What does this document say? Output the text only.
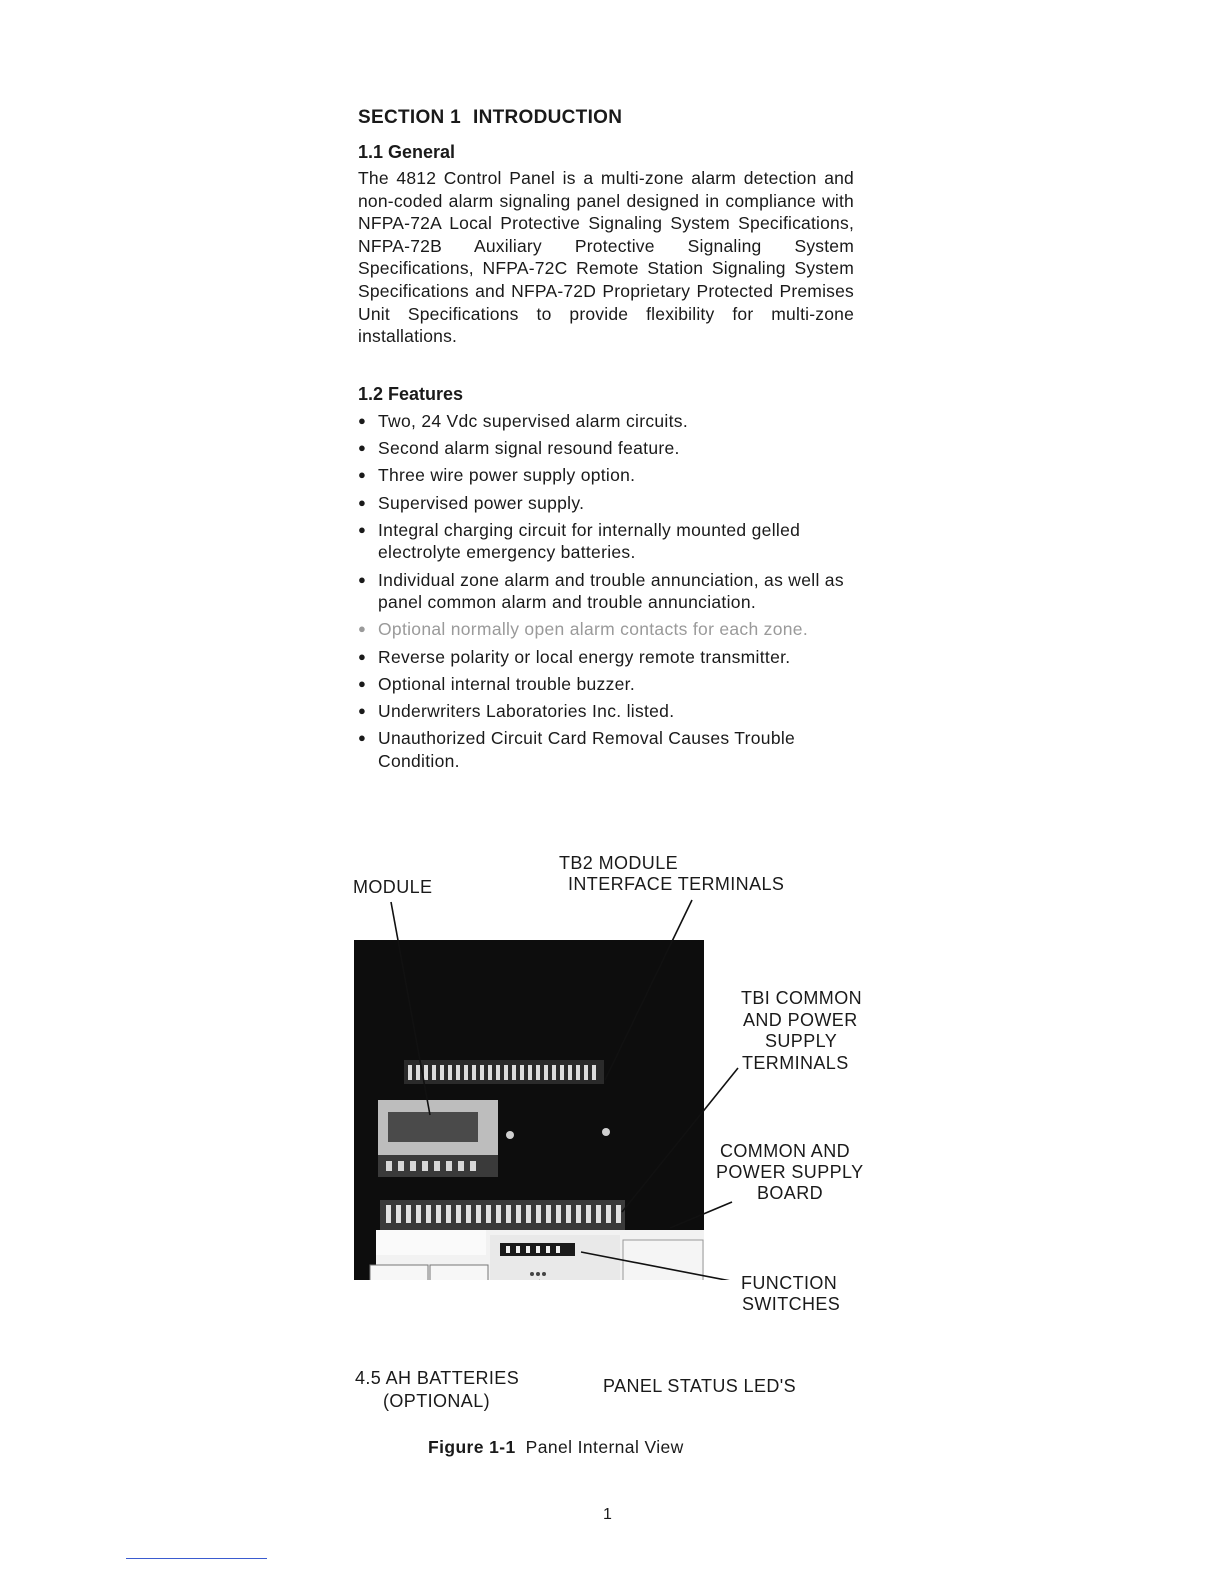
SECTION 1 INTRODUCTION
1.1 General
The 4812 Control Panel is a multi-zone alarm detection and non-coded alarm signaling panel designed in compliance with NFPA-72A Local Protective Signaling System Specifications, NFPA-72B Auxiliary Protective Signaling System Specifications, NFPA-72C Remote Station Signaling System Specifications and NFPA-72D Proprietary Protected Premises Unit Specifications to provide flexibility for multi-zone installations.
1.2 Features
● Two, 24 Vdc supervised alarm circuits.
● Second alarm signal resound feature.
● Three wire power supply option.
● Supervised power supply.
● Integral charging circuit for internally mounted gelled electrolyte emergency batteries.
● Individual zone alarm and trouble annunciation, as well as panel common alarm and trouble annunciation.
● Optional normally open alarm contacts for each zone.
● Reverse polarity or local energy remote transmitter.
● Optional internal trouble buzzer.
● Underwriters Laboratories Inc. listed.
● Unauthorized Circuit Card Removal Causes Trouble Condition.
TB2 MODULE
INTERFACE TERMINALS
MODULE
TBI COMMON
AND POWER
SUPPLY
TERMINALS
COMMON AND
POWER SUPPLY
BOARD
FUNCTION
SWITCHES
4.5 AH BATTERIES
(OPTIONAL)
PANEL STATUS LED'S
Figure 1-1 Panel Internal View
1
